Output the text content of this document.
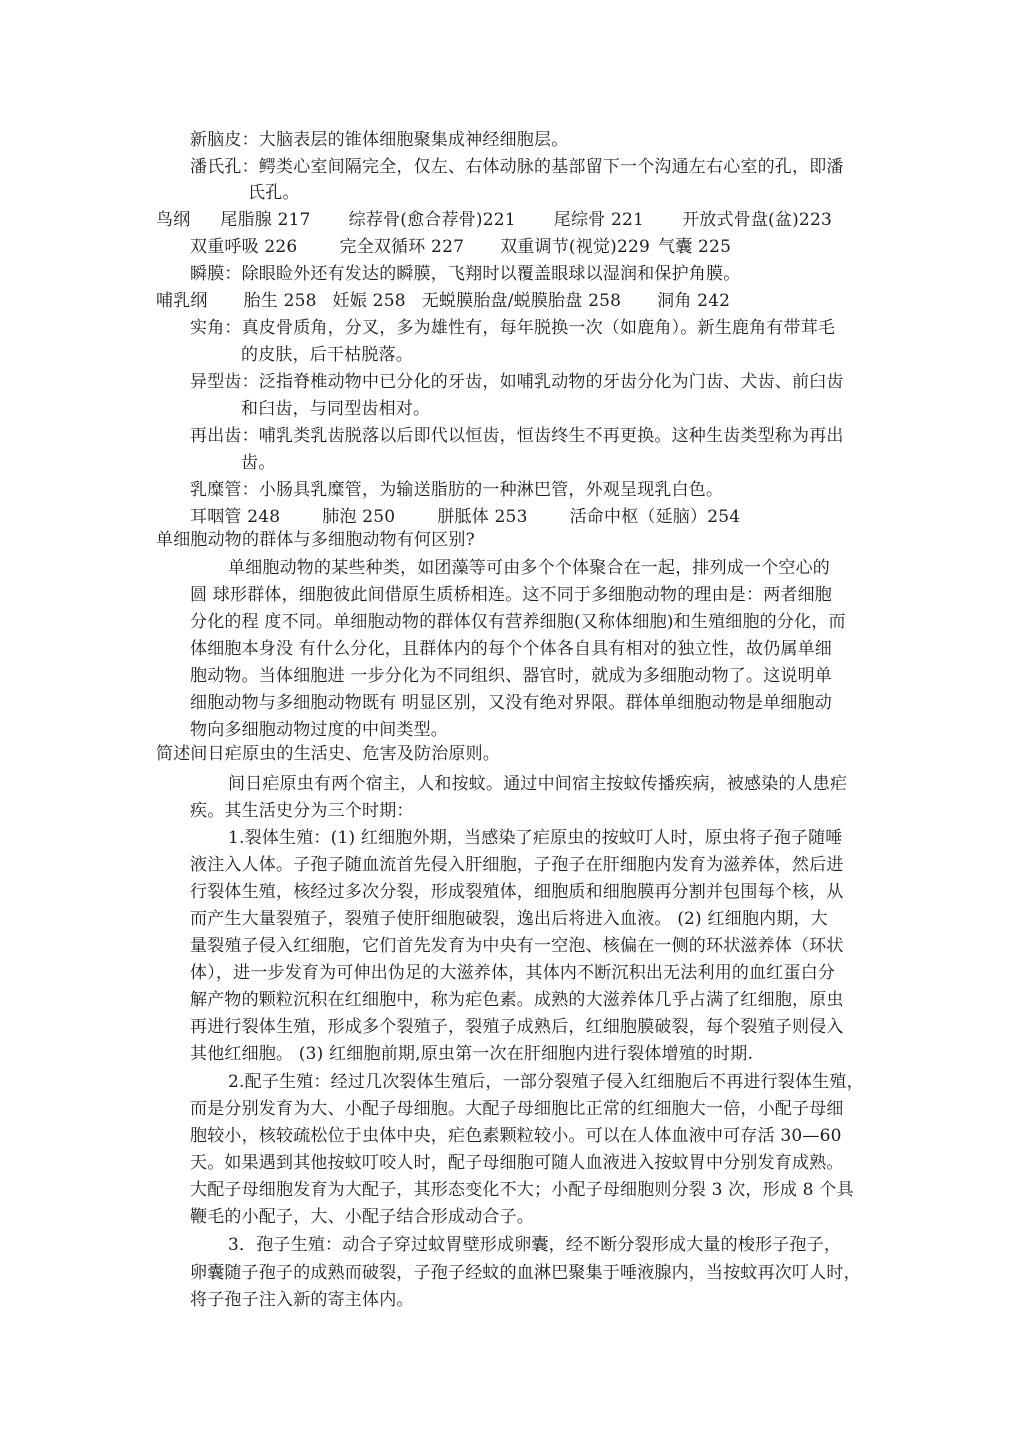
新脑皮：大脑表层的锥体细胞聚集成神经细胞层。
潘氏孔：鳄类心室间隔完全，仅左、右体动脉的基部留下一个沟通左右心室的孔，即潘
氏孔。
鸟纲 尾脂腺 217 综荐骨(愈合荐骨)221 尾综骨 221 开放式骨盘(盆)223
双重呼吸 226 完全双循环 227 双重调节(视觉)229 气囊 225
瞬膜：除眼睑外还有发达的瞬膜，飞翔时以覆盖眼球以湿润和保护角膜。
哺乳纲 胎生 258 妊娠 258 无蜕膜胎盘/蜕膜胎盘 258 洞角 242
实角：真皮骨质角，分叉，多为雄性有，每年脱换一次（如鹿角）。新生鹿角有带茸毛
的皮肤，后干枯脱落。
异型齿：泛指脊椎动物中已分化的牙齿，如哺乳动物的牙齿分化为门齿、犬齿、前臼齿
和臼齿，与同型齿相对。
再出齿：哺乳类乳齿脱落以后即代以恒齿，恒齿终生不再更换。这种生齿类型称为再出
齿。
乳糜管：小肠具乳糜管，为输送脂肪的一种淋巴管，外观呈现乳白色。
耳咽管 248 肺泡 250 胼胝体 253 活命中枢（延脑）254
单细胞动物的群体与多细胞动物有何区别?
单细胞动物的某些种类，如团藻等可由多个个体聚合在一起，排列成一个空心的
圆 球形群体，细胞彼此间借原生质桥相连。这不同于多细胞动物的理由是：两者细胞
分化的程 度不同。单细胞动物的群体仅有营养细胞(又称体细胞)和生殖细胞的分化，而
体细胞本身没 有什么分化，且群体内的每个个体各自具有相对的独立性，故仍属单细
胞动物。当体细胞进 一步分化为不同组织、器官时，就成为多细胞动物了。这说明单
细胞动物与多细胞动物既有 明显区别，又没有绝对界限。群体单细胞动物是单细胞动
物向多细胞动物过度的中间类型。
简述间日疟原虫的生活史、危害及防治原则。
间日疟原虫有两个宿主，人和按蚊。通过中间宿主按蚊传播疾病，被感染的人患疟
疾。其生活史分为三个时期：
1.裂体生殖：(1) 红细胞外期，当感染了疟原虫的按蚊叮人时，原虫将子孢子随唾
液注入人体。子孢子随血流首先侵入肝细胞，子孢子在肝细胞内发育为滋养体，然后进
行裂体生殖，核经过多次分裂，形成裂殖体，细胞质和细胞膜再分割并包围每个核，从
而产生大量裂殖子，裂殖子使肝细胞破裂，逸出后将进入血液。 (2) 红细胞内期，大
量裂殖子侵入红细胞，它们首先发育为中央有一空泡、核偏在一侧的环状滋养体（环状
体），进一步发育为可伸出伪足的大滋养体，其体内不断沉积出无法利用的血红蛋白分
解产物的颗粒沉积在红细胞中，称为疟色素。成熟的大滋养体几乎占满了红细胞，原虫
再进行裂体生殖，形成多个裂殖子，裂殖子成熟后，红细胞膜破裂，每个裂殖子则侵入
其他红细胞。 (3) 红细胞前期,原虫第一次在肝细胞内进行裂体增殖的时期.
2.配子生殖：经过几次裂体生殖后，一部分裂殖子侵入红细胞后不再进行裂体生殖，
而是分别发育为大、小配子母细胞。大配子母细胞比正常的红细胞大一倍，小配子母细
胞较小，核较疏松位于虫体中央，疟色素颗粒较小。可以在人体血液中可存活 30—60
天。如果遇到其他按蚊叮咬人时，配子母细胞可随人血液进入按蚊胃中分别发育成熟。
大配子母细胞发育为大配子，其形态变化不大；小配子母细胞则分裂 3 次，形成 8 个具
鞭毛的小配子，大、小配子结合形成动合子。
3．孢子生殖：动合子穿过蚊胃壁形成卵囊，经不断分裂形成大量的梭形子孢子，
卵囊随子孢子的成熟而破裂，子孢子经蚊的血淋巴聚集于唾液腺内，当按蚊再次叮人时，
将子孢子注入新的寄主体内。
